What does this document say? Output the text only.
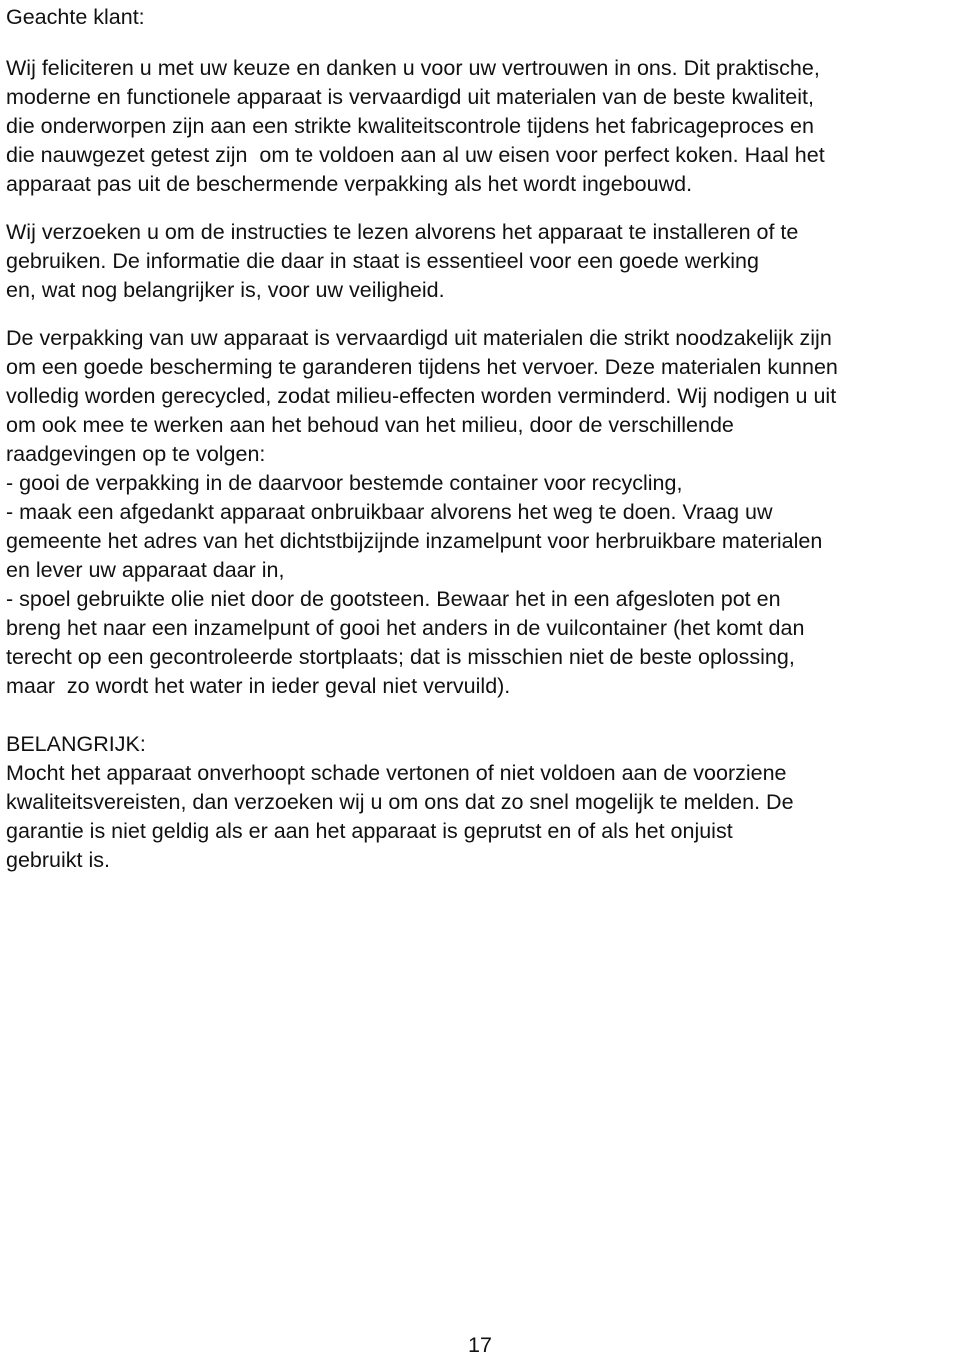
Geachte klant:

Wij feliciteren u met uw keuze en danken u voor uw vertrouwen in ons. Dit praktische,
moderne en functionele apparaat is vervaardigd uit materialen van de beste kwaliteit,
die onderworpen zijn aan een strikte kwaliteitscontrole tijdens het fabricageproces en
die nauwgezet getest zijn  om te voldoen aan al uw eisen voor perfect koken. Haal het
apparaat pas uit de beschermende verpakking als het wordt ingebouwd.

Wij verzoeken u om de instructies te lezen alvorens het apparaat te installeren of te
gebruiken. De informatie die daar in staat is essentieel voor een goede werking
en, wat nog belangrijker is, voor uw veiligheid.

De verpakking van uw apparaat is vervaardigd uit materialen die strikt noodzakelijk zijn
om een goede bescherming te garanderen tijdens het vervoer. Deze materialen kunnen
volledig worden gerecycled, zodat milieu-effecten worden verminderd. Wij nodigen u uit
om ook mee te werken aan het behoud van het milieu, door de verschillende
raadgevingen op te volgen:
- gooi de verpakking in de daarvoor bestemde container voor recycling,
- maak een afgedankt apparaat onbruikbaar alvorens het weg te doen. Vraag uw
gemeente het adres van het dichtstbijzijnde inzamelpunt voor herbruikbare materialen
en lever uw apparaat daar in,
- spoel gebruikte olie niet door de gootsteen. Bewaar het in een afgesloten pot en
breng het naar een inzamelpunt of gooi het anders in de vuilcontainer (het komt dan
terecht op een gecontroleerde stortplaats; dat is misschien niet de beste oplossing,
maar  zo wordt het water in ieder geval niet vervuild).

BELANGRIJK:

Mocht het apparaat onverhoopt schade vertonen of niet voldoen aan de voorziene
kwaliteitsvereisten, dan verzoeken wij u om ons dat zo snel mogelijk te melden. De
garantie is niet geldig als er aan het apparaat is geprutst en of als het onjuist
gebruikt is.

17
